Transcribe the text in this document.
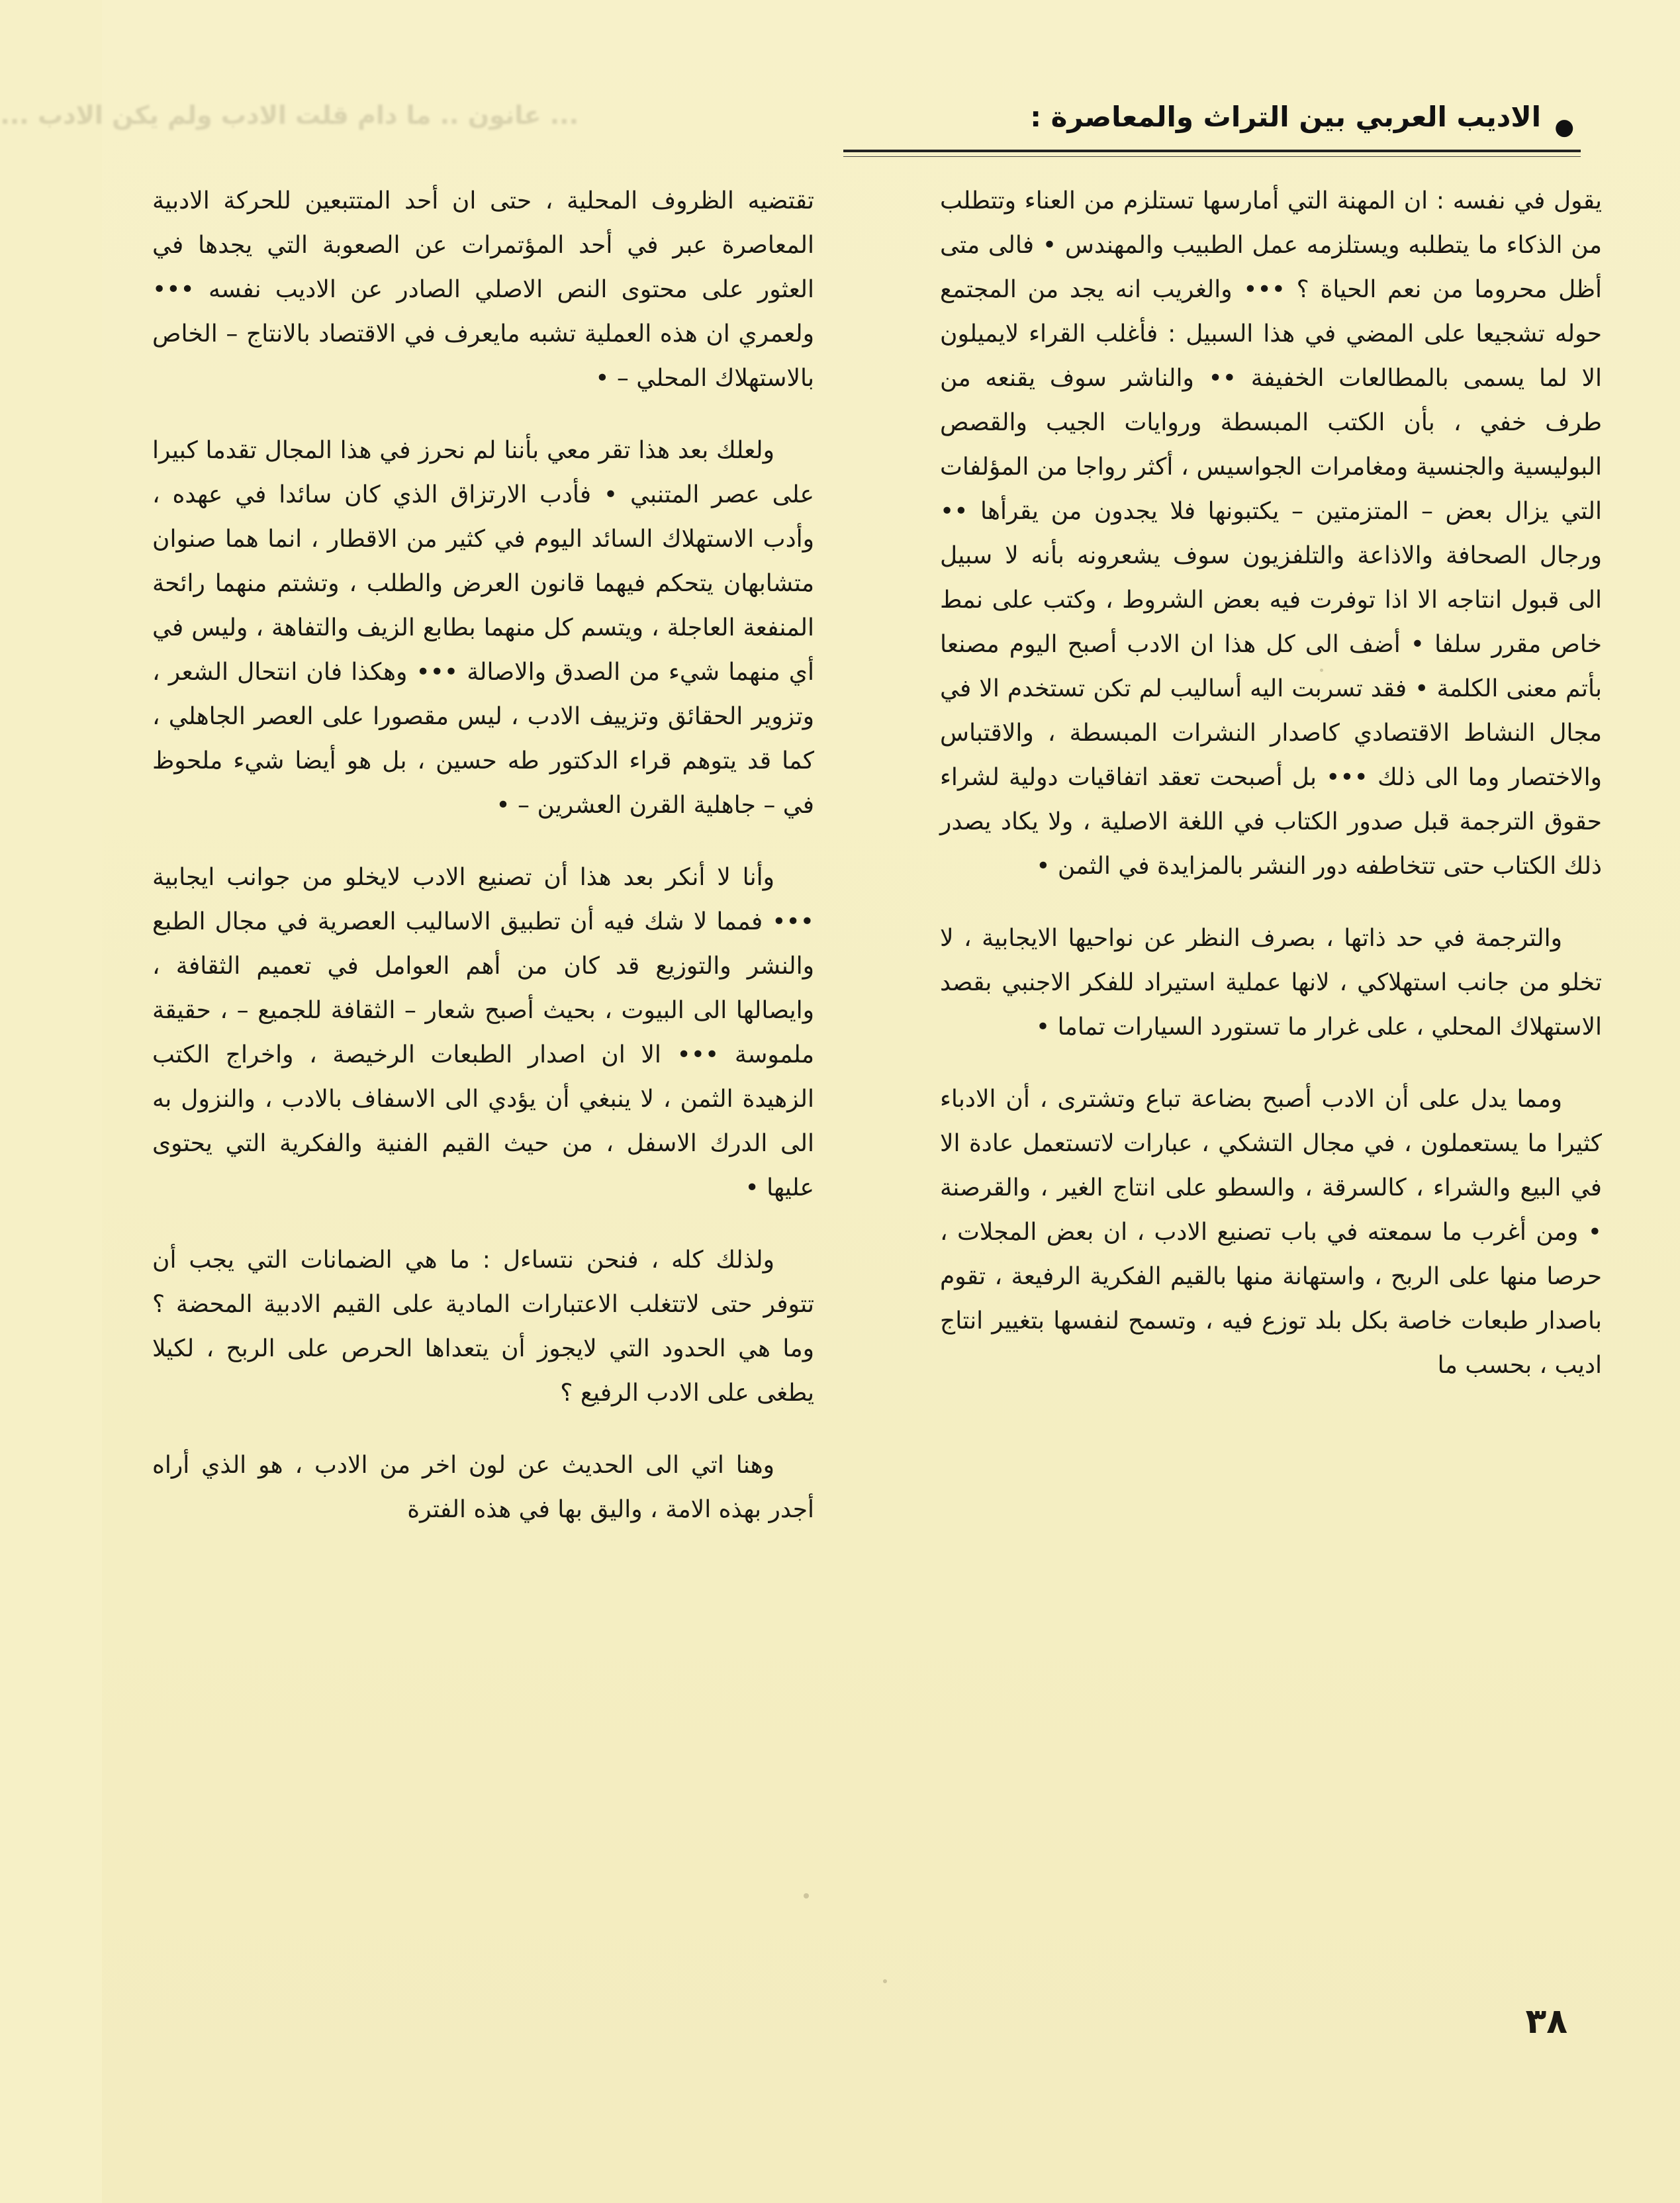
... عانون .. ما دام قلت الادب ولم يكن الادب ...	●
الاديب العربي بين التراث والمعاصرة :

يقول في نفسه : ان المهنة التي أمارسها تستلزم من العناء وتتطلب من الذكاء ما يتطلبه ويستلزمه عمل الطبيب والمهندس • فالى متى أظل محروما من نعم الحياة ؟ ••• والغريب انه يجد من المجتمع حوله تشجيعا على المضي في هذا السبيل : فأغلب القراء لايميلون الا لما يسمى بالمطالعات الخفيفة •• والناشر سوف يقنعه من طرف خفي ، بأن الكتب المبسطة وروايات الجيب والقصص البوليسية والجنسية ومغامرات الجواسيس ، أكثر رواجا من المؤلفات التي يزال بعض – المتزمتين – يكتبونها فلا يجدون من يقرأها •• ورجال الصحافة والاذاعة والتلفزيون سوف يشعرونه بأنه لا سبيل الى قبول انتاجه الا اذا توفرت فيه بعض الشروط ، وكتب على نمط خاص مقرر سلفا • أضف الى كل هذا ان الادب أصبح اليوم مصنعا بأتم معنى الكلمة • فقد تسربت اليه أساليب لم تكن تستخدم الا في مجال النشاط الاقتصادي كاصدار النشرات المبسطة ، والاقتباس والاختصار وما الى ذلك ••• بل أصبحت تعقد اتفاقيات دولية لشراء حقوق الترجمة قبل صدور الكتاب في اللغة الاصلية ، ولا يكاد يصدر ذلك الكتاب حتى تتخاطفه دور النشر بالمزايدة في الثمن •

والترجمة في حد ذاتها ، بصرف النظر عن نواحيها الايجابية ، لا تخلو من جانب استهلاكي ، لانها عملية استيراد للفكر الاجنبي بقصد الاستهلاك المحلي ، على غرار ما تستورد السيارات تماما •

ومما يدل على أن الادب أصبح بضاعة تباع وتشترى ، أن الادباء كثيرا ما يستعملون ، في مجال التشكي ، عبارات لاتستعمل عادة الا في البيع والشراء ، كالسرقة ، والسطو على انتاج الغير ، والقرصنة • ومن أغرب ما سمعته في باب تصنيع الادب ، ان بعض المجلات ، حرصا منها على الربح ، واستهانة منها بالقيم الفكرية الرفيعة ، تقوم باصدار طبعات خاصة بكل بلد توزع فيه ، وتسمح لنفسها بتغيير انتاج اديب ، بحسب ما

تقتضيه الظروف المحلية ، حتى ان أحد المتتبعين للحركة الادبية المعاصرة عبر في أحد المؤتمرات عن الصعوبة التي يجدها في العثور على محتوى النص الاصلي الصادر عن الاديب نفسه ••• ولعمري ان هذه العملية تشبه مايعرف في الاقتصاد بالانتاج – الخاص بالاستهلاك المحلي – •

ولعلك بعد هذا تقر معي بأننا لم نحرز في هذا المجال تقدما كبيرا على عصر المتنبي • فأدب الارتزاق الذي كان سائدا في عهده ، وأدب الاستهلاك السائد اليوم في كثير من الاقطار ، انما هما صنوان متشابهان يتحكم فيهما قانون العرض والطلب ، وتشتم منهما رائحة المنفعة العاجلة ، ويتسم كل منهما بطابع الزيف والتفاهة ، وليس في أي منهما شيء من الصدق والاصالة ••• وهكذا فان انتحال الشعر ، وتزوير الحقائق وتزييف الادب ، ليس مقصورا على العصر الجاهلي ، كما قد يتوهم قراء الدكتور طه حسين ، بل هو أيضا شيء ملحوظ في – جاهلية القرن العشرين – •

وأنا لا أنكر بعد هذا أن تصنيع الادب لايخلو من جوانب ايجابية ••• فمما لا شك فيه أن تطبيق الاساليب العصرية في مجال الطبع والنشر والتوزيع قد كان من أهم العوامل في تعميم الثقافة ، وايصالها الى البيوت ، بحيث أصبح شعار – الثقافة للجميع – ، حقيقة ملموسة ••• الا ان اصدار الطبعات الرخيصة ، واخراج الكتب الزهيدة الثمن ، لا ينبغي أن يؤدي الى الاسفاف بالادب ، والنزول به الى الدرك الاسفل ، من حيث القيم الفنية والفكرية التي يحتوى عليها •

ولذلك كله ، فنحن نتساءل : ما هي الضمانات التي يجب أن تتوفر حتى لاتتغلب الاعتبارات المادية على القيم الادبية المحضة ؟ وما هي الحدود التي لايجوز أن يتعداها الحرص على الربح ، لكيلا يطغى على الادب الرفيع ؟

وهنا اتي الى الحديث عن لون اخر من الادب ، هو الذي أراه أجدر بهذه الامة ، والیق بها في هذه الفترة

٣٨
